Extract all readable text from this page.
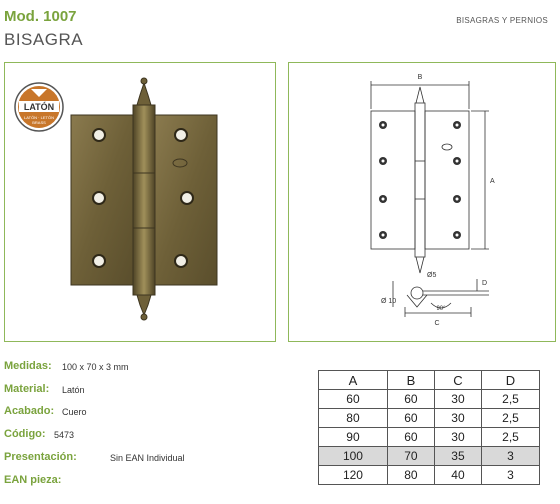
Mod. 1007
BISAGRA
BISAGRAS Y PERNIOS
LATÓN
LATÓN · LETÓN
BRASS
B
A
C
D
Ø 10
Ø5
90°
Medidas: 100 x 70 x 3 mm
Material: Latón
Acabado: Cuero
Código: 5473
Presentación:	Sin EAN Individual
EAN pieza:
A	B	C	D
60	60	30	2,5
80	60	30	2,5
90	60	30	2,5
100	70	35	3
120	80	40	3
